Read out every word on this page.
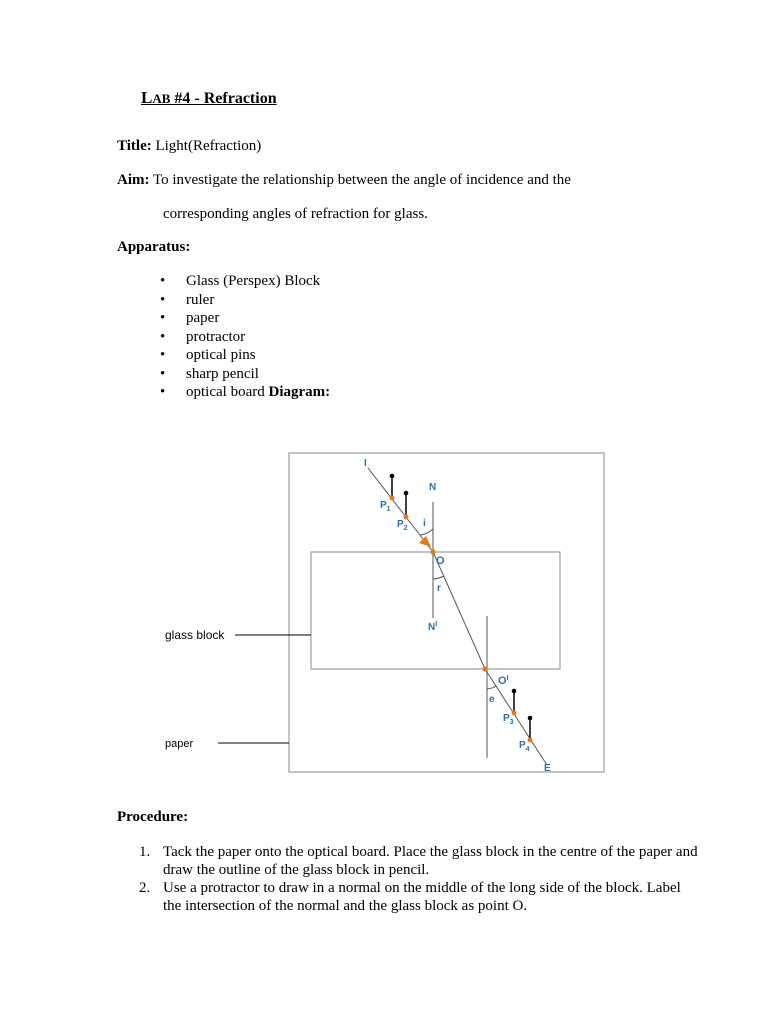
LAB #4 - Refraction
Title: Light(Refraction)
Aim: To investigate the relationship between the angle of incidence and the
corresponding angles of refraction for glass.
Apparatus:
• Glass (Perspex) Block
• ruler
• paper
• protractor
• optical pins
• sharp pencil
• optical board Diagram:
glass block
paper
I
N
$P_1$
$P_2$ i
O
r
$N^I$
$O^I$
e
$P_3$
$P_4$
E
Procedure:
1. Tack the paper onto the optical board. Place the glass block in the centre of the paper and draw the outline of the glass block in pencil.
2. Use a protractor to draw in a normal on the middle of the long side of the block. Label the intersection of the normal and the glass block as point O.
